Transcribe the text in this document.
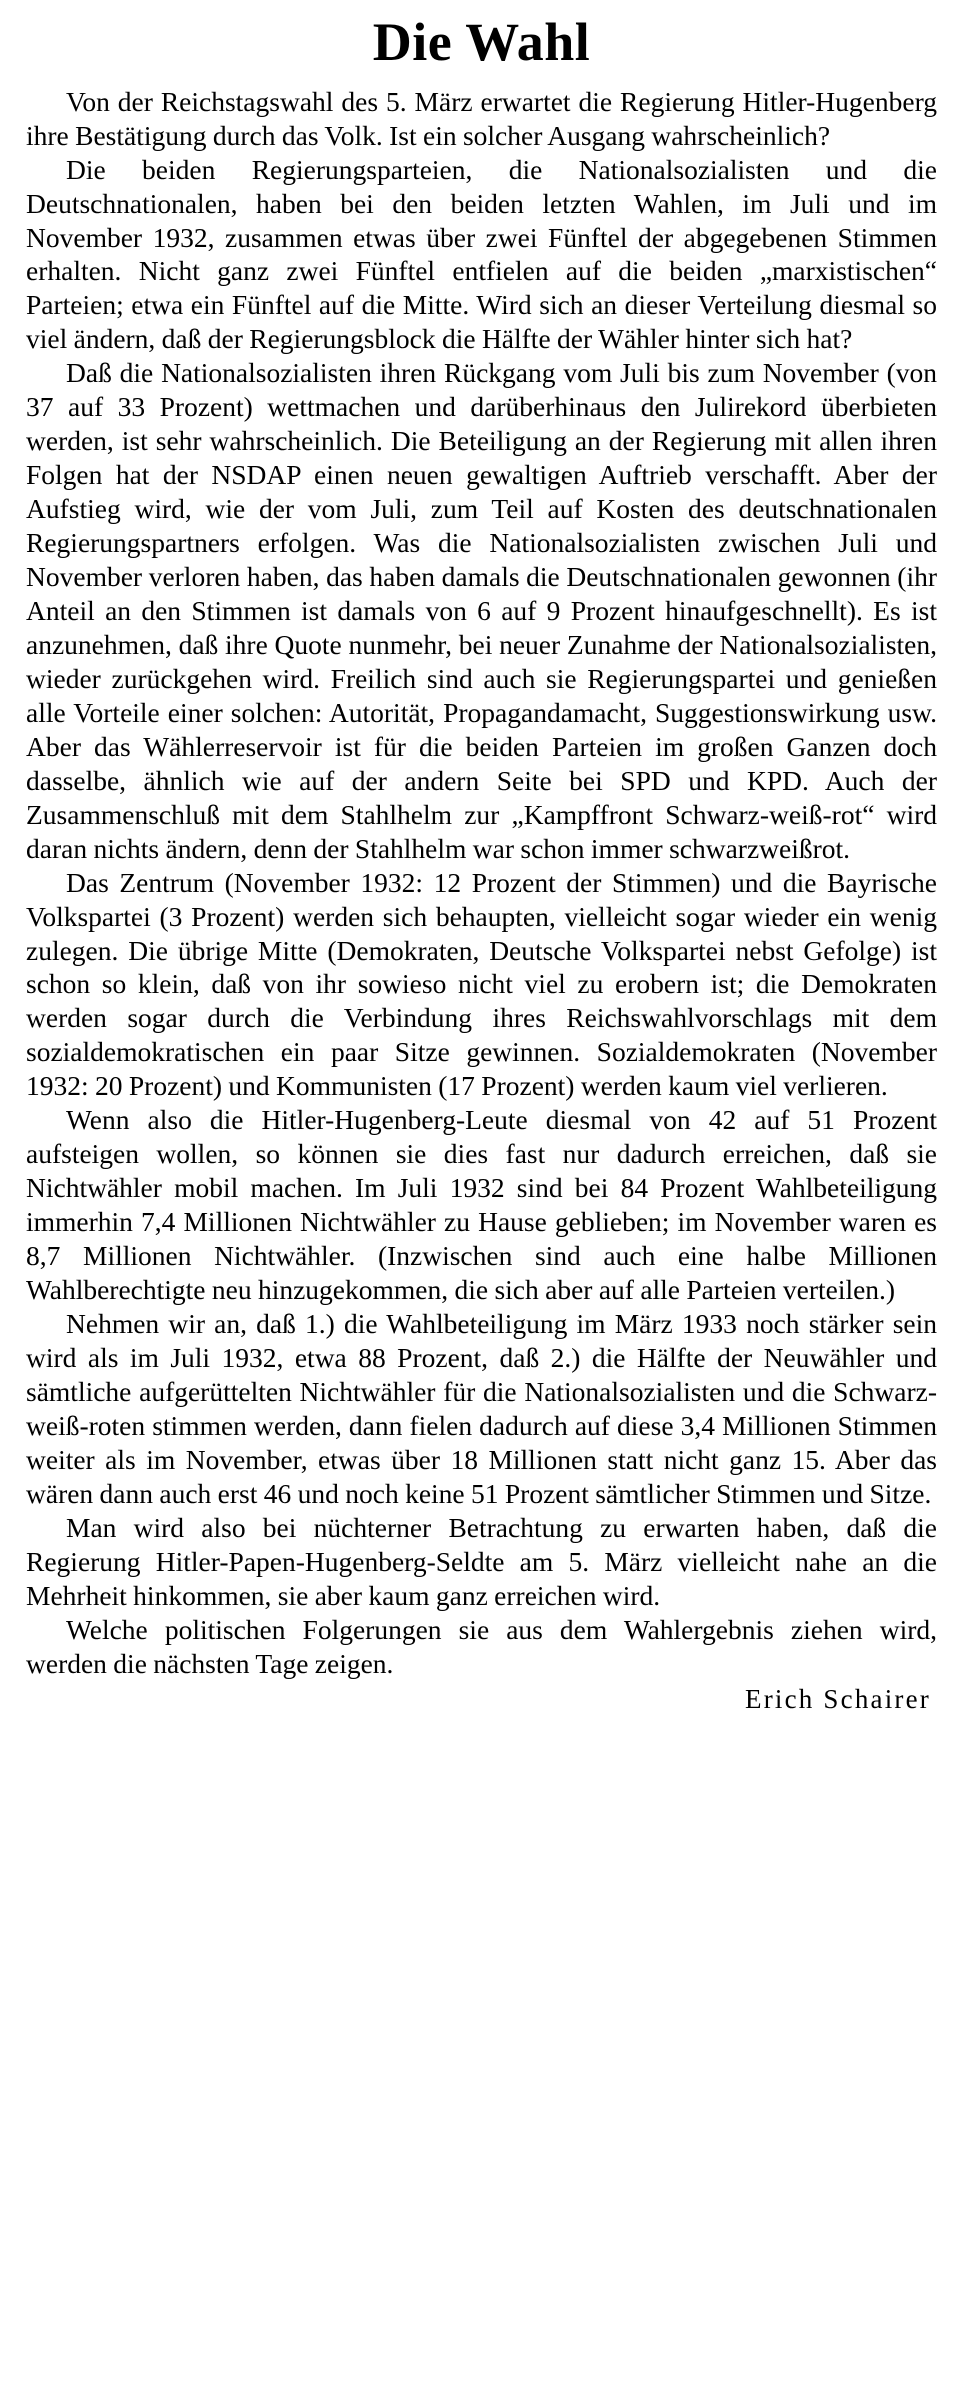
Die Wahl

Von der Reichstagswahl des 5. März erwartet die Regierung Hitler-Hugenberg ihre Bestätigung durch das Volk. Ist ein solcher Ausgang wahrscheinlich?

Die beiden Regierungsparteien, die Nationalsozialisten und die Deutschnationalen, haben bei den beiden letzten Wahlen, im Juli und im November 1932, zusammen etwas über zwei Fünftel der abgegebenen Stimmen erhalten. Nicht ganz zwei Fünftel entfielen auf die beiden „marxistischen“ Parteien; etwa ein Fünftel auf die Mitte. Wird sich an dieser Verteilung diesmal so viel ändern, daß der Regierungsblock die Hälfte der Wähler hinter sich hat?

Daß die Nationalsozialisten ihren Rückgang vom Juli bis zum November (von 37 auf 33 Prozent) wettmachen und darüberhinaus den Julirekord überbieten werden, ist sehr wahrscheinlich. Die Beteiligung an der Regierung mit allen ihren Folgen hat der NSDAP einen neuen gewaltigen Auftrieb verschafft. Aber der Aufstieg wird, wie der vom Juli, zum Teil auf Kosten des deutschnationalen Regierungspartners erfolgen. Was die Nationalsozialisten zwischen Juli und November verloren haben, das haben damals die Deutschnationalen gewonnen (ihr Anteil an den Stimmen ist damals von 6 auf 9 Prozent hinaufgeschnellt). Es ist anzunehmen, daß ihre Quote nunmehr, bei neuer Zunahme der Nationalsozialisten, wieder zurückgehen wird. Freilich sind auch sie Regierungspartei und genießen alle Vorteile einer solchen: Autorität, Propagandamacht, Suggestionswirkung usw. Aber das Wählerreservoir ist für die beiden Parteien im großen Ganzen doch dasselbe, ähnlich wie auf der andern Seite bei SPD und KPD. Auch der Zusammenschluß mit dem Stahlhelm zur „Kampffront Schwarz-weiß-rot“ wird daran nichts ändern, denn der Stahlhelm war schon immer schwarzweißrot.

Das Zentrum (November 1932: 12 Prozent der Stimmen) und die Bayrische Volkspartei (3 Prozent) werden sich behaupten, vielleicht sogar wieder ein wenig zulegen. Die übrige Mitte (Demokraten, Deutsche Volkspartei nebst Gefolge) ist schon so klein, daß von ihr sowieso nicht viel zu erobern ist; die Demokraten werden sogar durch die Verbindung ihres Reichswahlvorschlags mit dem sozialdemokratischen ein paar Sitze gewinnen. Sozialdemokraten (November 1932: 20 Prozent) und Kommunisten (17 Prozent) werden kaum viel verlieren.

Wenn also die Hitler-Hugenberg-Leute diesmal von 42 auf 51 Prozent aufsteigen wollen, so können sie dies fast nur dadurch erreichen, daß sie Nichtwähler mobil machen. Im Juli 1932 sind bei 84 Prozent Wahlbeteiligung immerhin 7,4 Millionen Nichtwähler zu Hause geblieben; im November waren es 8,7 Millionen Nichtwähler. (Inzwischen sind auch eine halbe Millionen Wahlberechtigte neu hinzugekommen, die sich aber auf alle Parteien verteilen.)

Nehmen wir an, daß 1.) die Wahlbeteiligung im März 1933 noch stärker sein wird als im Juli 1932, etwa 88 Prozent, daß 2.) die Hälfte der Neuwähler und sämtliche aufgerüttelten Nichtwähler für die Nationalsozialisten und die Schwarz-weiß-roten stimmen werden, dann fielen dadurch auf diese 3,4 Millionen Stimmen weiter als im November, etwas über 18 Millionen statt nicht ganz 15. Aber das wären dann auch erst 46 und noch keine 51 Prozent sämtlicher Stimmen und Sitze.

Man wird also bei nüchterner Betrachtung zu erwarten haben, daß die Regierung Hitler-Papen-Hugenberg-Seldte am 5. März vielleicht nahe an die Mehrheit hinkommen, sie aber kaum ganz erreichen wird.

Welche politischen Folgerungen sie aus dem Wahlergebnis ziehen wird, werden die nächsten Tage zeigen.

Erich Schairer
